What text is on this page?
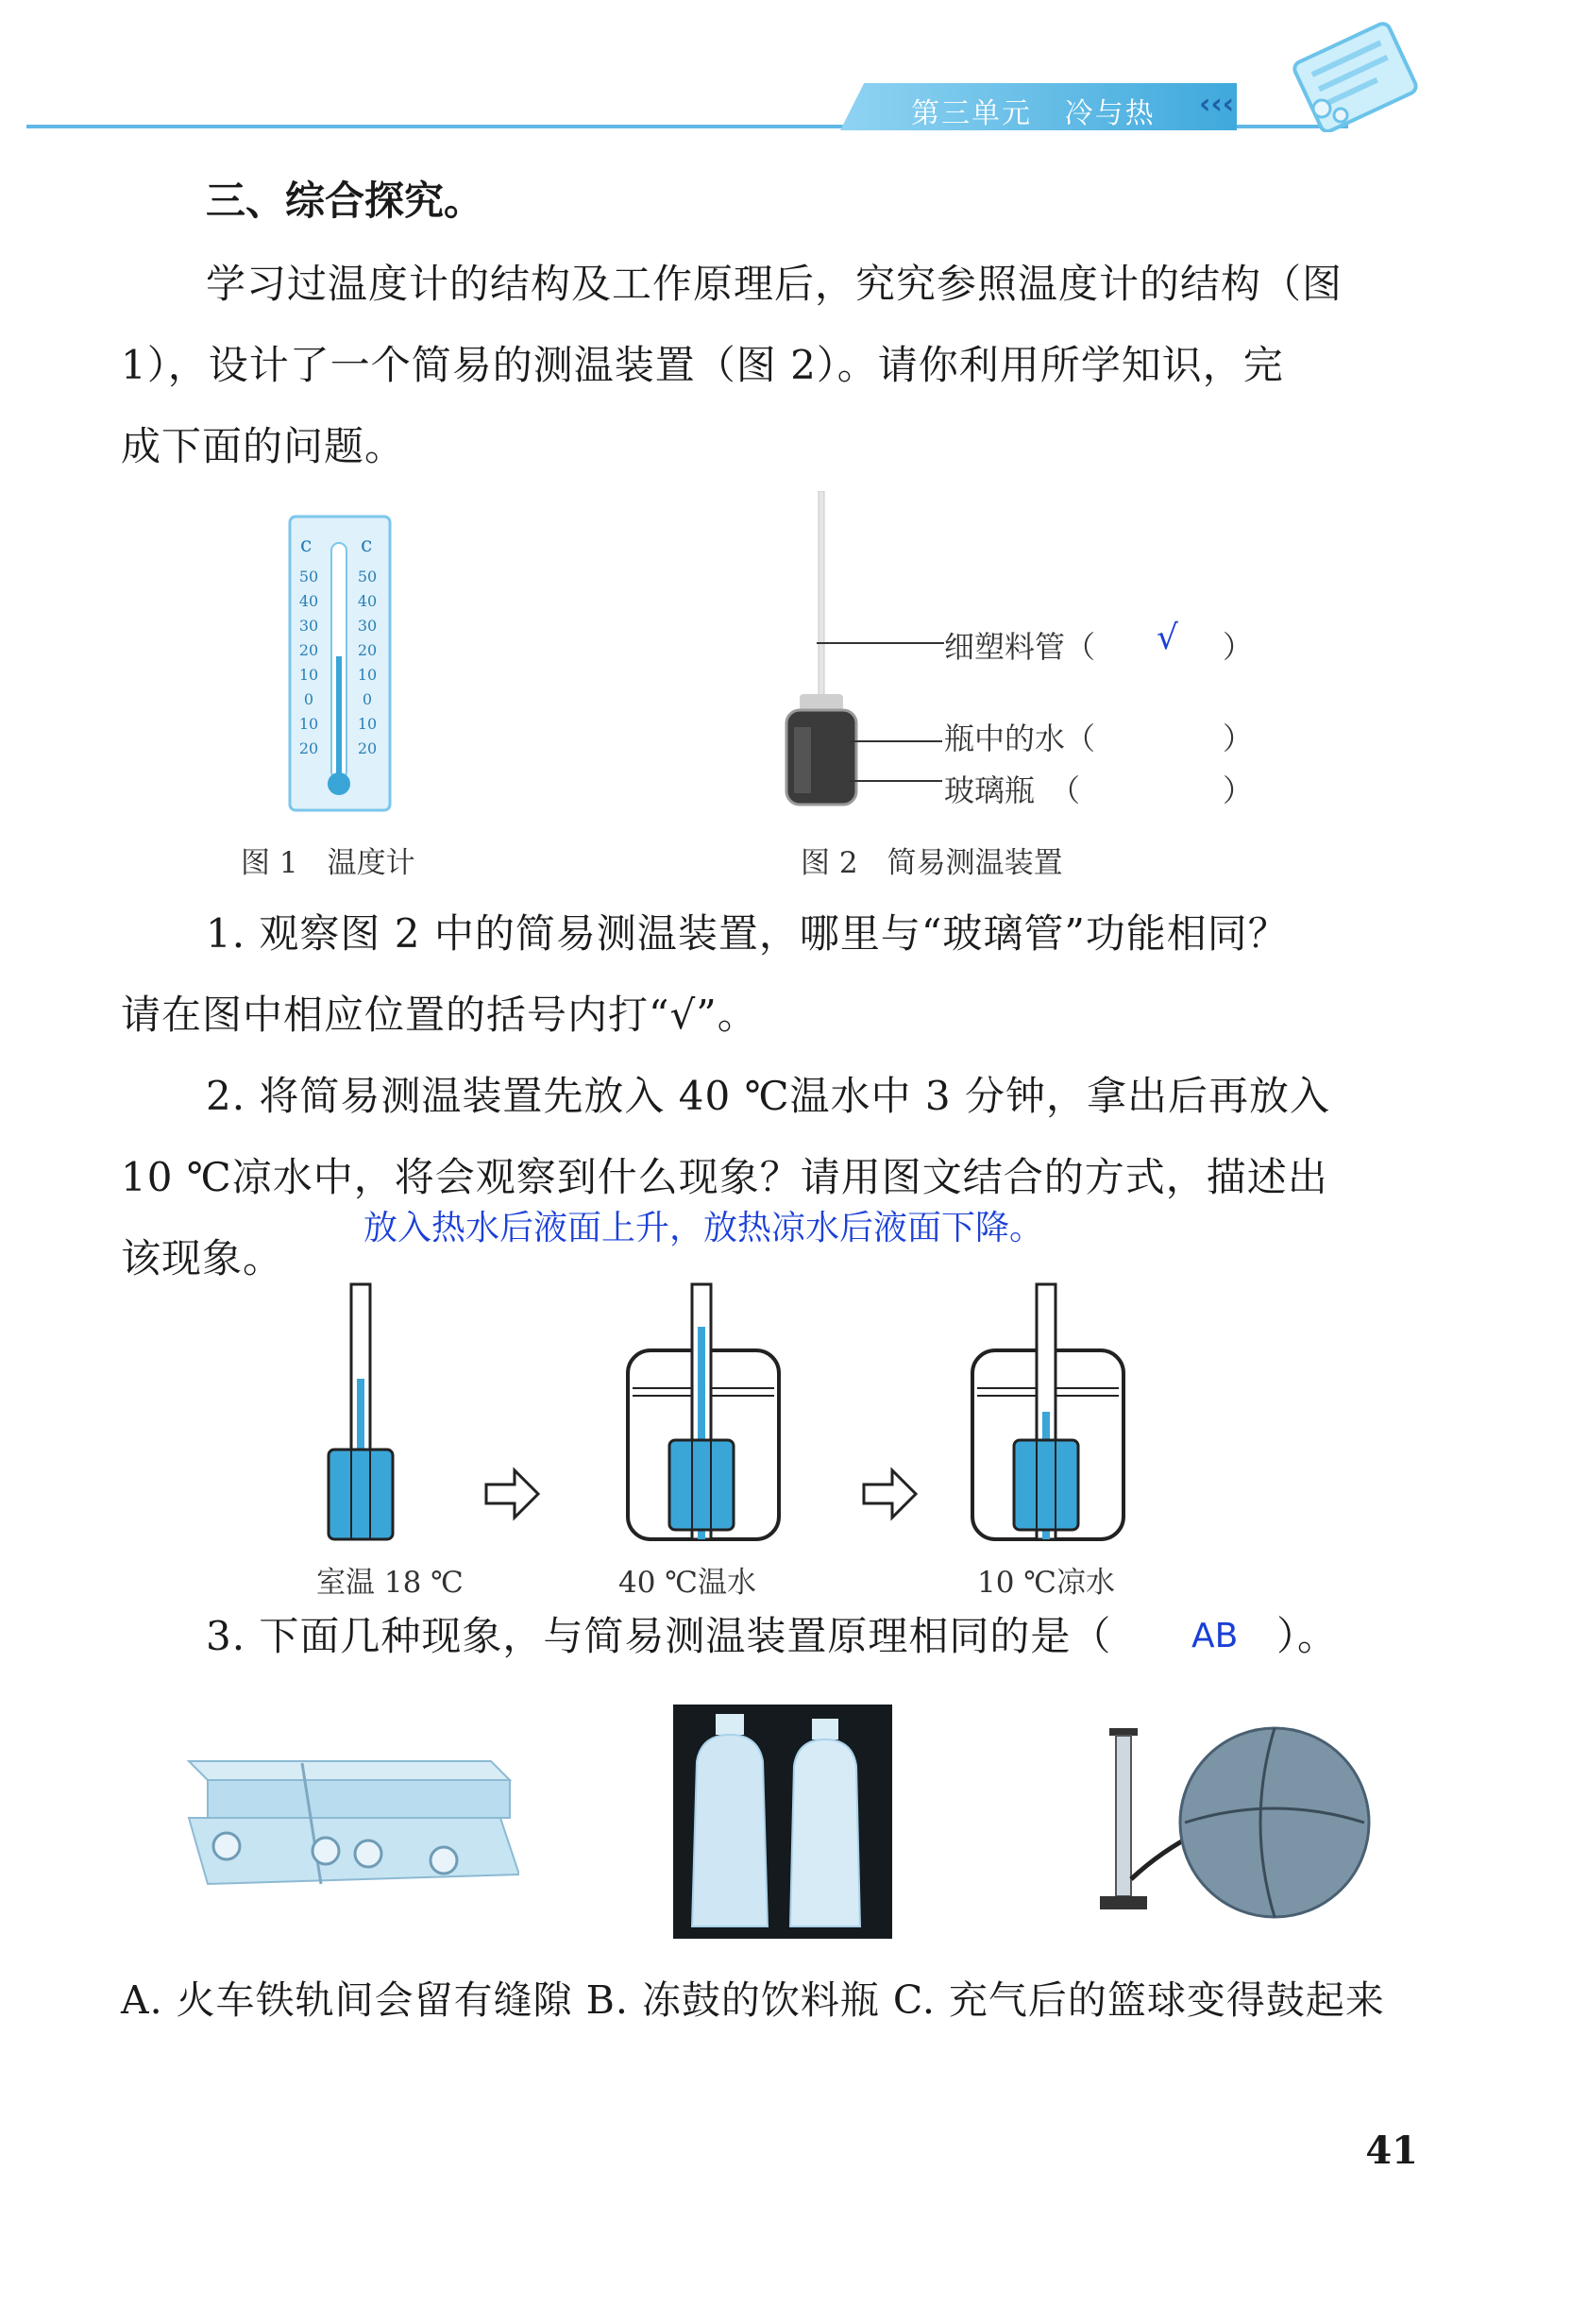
第三单元 冷与热 ‹‹‹
三、综合探究。
学习过温度计的结构及工作原理后，究究参照温度计的结构（图
1），设计了一个简易的测温装置（图 2）。请你利用所学知识，完
成下面的问题。
c c
50
40
30
20
10
0
10
20
50
40
30
20
10
0
10
20
细塑料管（ √ ）
瓶中的水（	）
玻璃瓶　（	）
图 1　温度计	图 2　简易测温装置
1. 观察图 2 中的简易测温装置，哪里与“玻璃管”功能相同？
请在图中相应位置的括号内打“√”。
2. 将简易测温装置先放入 40 ℃温水中 3 分钟，拿出后再放入
10 ℃凉水中，将会观察到什么现象？请用图文结合的方式，描述出
放入热水后液面上升，放热凉水后液面下降。
该现象。
室温 18 ℃	40 ℃温水	10 ℃凉水
3. 下面几种现象，与简易测温装置原理相同的是（ AB ）。
A. 火车铁轨间会留有缝隙 B. 冻鼓的饮料瓶 C. 充气后的篮球变得鼓起来
41
